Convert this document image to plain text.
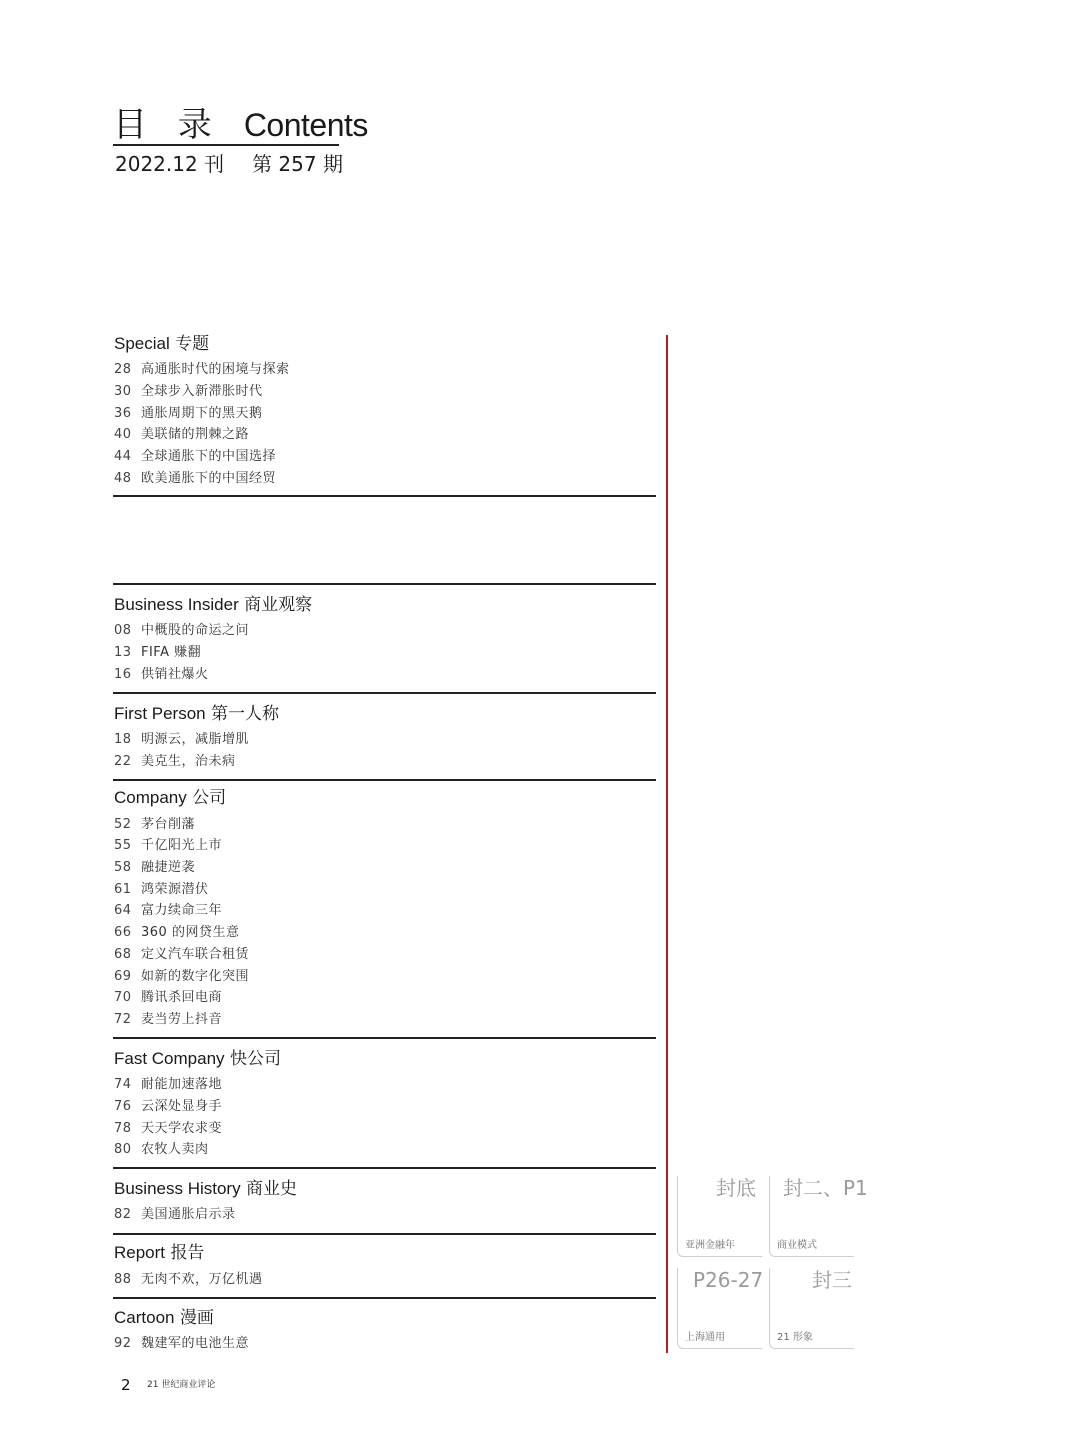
目 录 Contents
2022.12 刊 第 257 期
Special 专题
28 高通胀时代的困境与探索
30 全球步入新滞胀时代
36 通胀周期下的黑天鹅
40 美联储的荆棘之路
44 全球通胀下的中国选择
48 欧美通胀下的中国经贸
Business Insider 商业观察
08 中概股的命运之问
13 FIFA 赚翻
16 供销社爆火
First Person 第一人称
18 明源云，减脂增肌
22 美克生，治未病
Company 公司
52 茅台削藩
55 千亿阳光上市
58 融捷逆袭
61 鸿荣源潜伏
64 富力续命三年
66 360 的网贷生意
68 定义汽车联合租赁
69 如新的数字化突围
70 腾讯杀回电商
72 麦当劳上抖音
Fast Company 快公司
74 耐能加速落地
76 云深处显身手
78 天天学农求变
80 农牧人卖肉
Business History 商业史
82 美国通胀启示录
Report 报告
88 无肉不欢，万亿机遇
Cartoon 漫画
92 魏建军的电池生意
封底
亚洲金融年
封二、P1
商业模式
P26-27
上海通用
封三
21 形象
2 21 世纪商业评论
